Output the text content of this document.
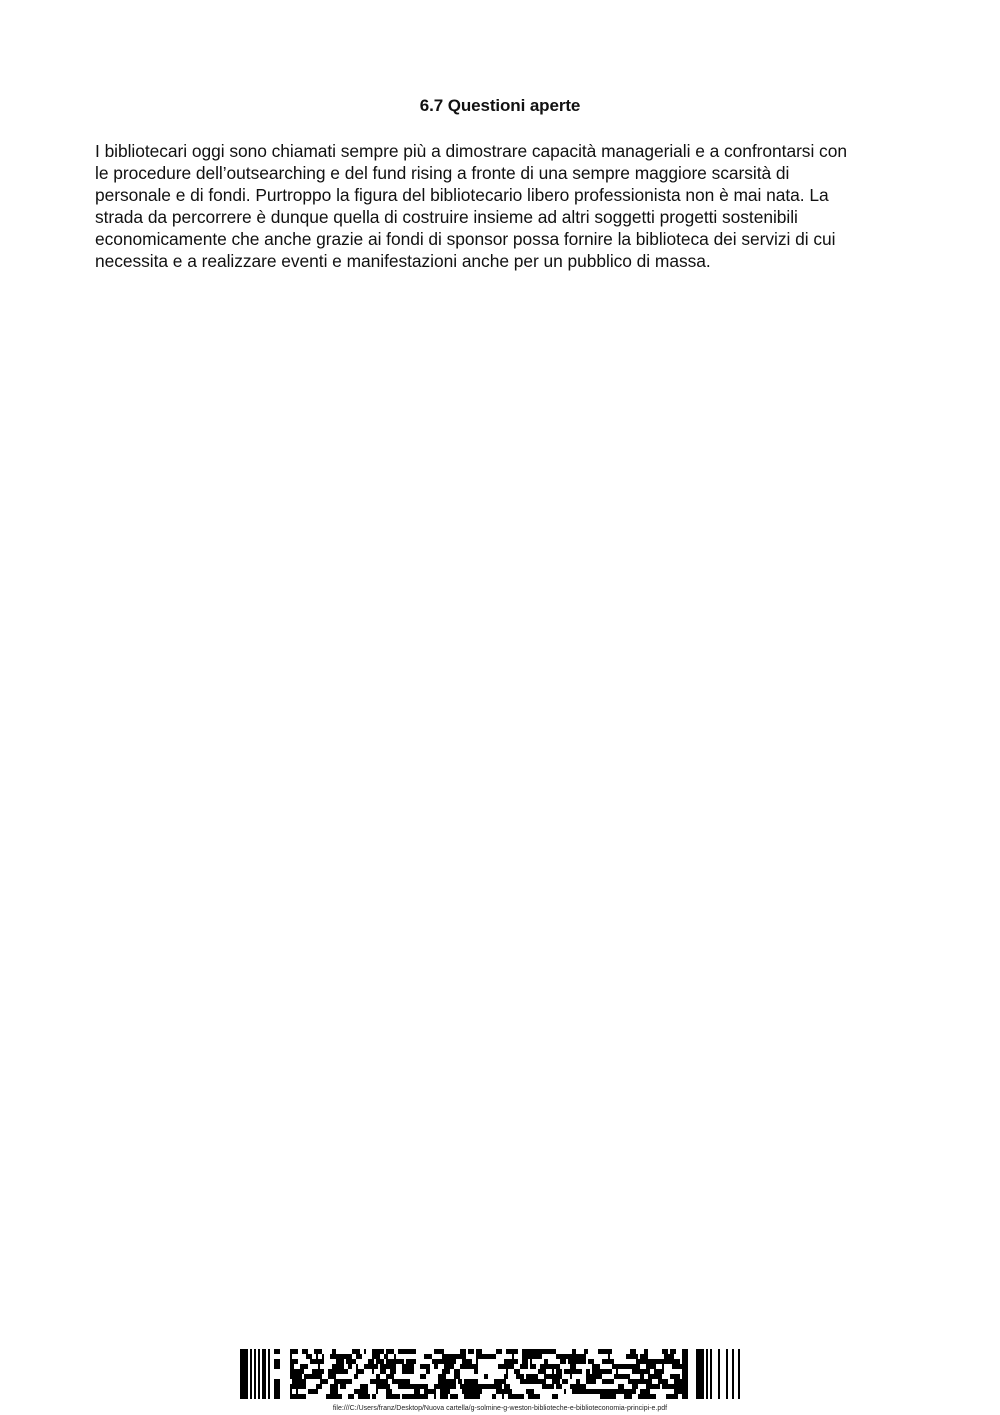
6.7 Questioni aperte
I bibliotecari oggi sono chiamati sempre più a dimostrare capacità manageriali e a confrontarsi con
le procedure dell’outsearching e del fund rising a fronte di una sempre maggiore scarsità di
personale e di fondi. Purtroppo la figura del bibliotecario libero professionista non è mai nata. La
strada da percorrere è dunque quella di costruire insieme ad altri soggetti progetti sostenibili
economicamente che anche grazie ai fondi di sponsor possa fornire la biblioteca dei servizi di cui
necessita e a realizzare eventi e manifestazioni anche per un pubblico di massa.
file:///C:/Users/franz/Desktop/Nuova cartella/g-solmine-g-weston-biblioteche-e-biblioteconomia-principi-e.pdf
